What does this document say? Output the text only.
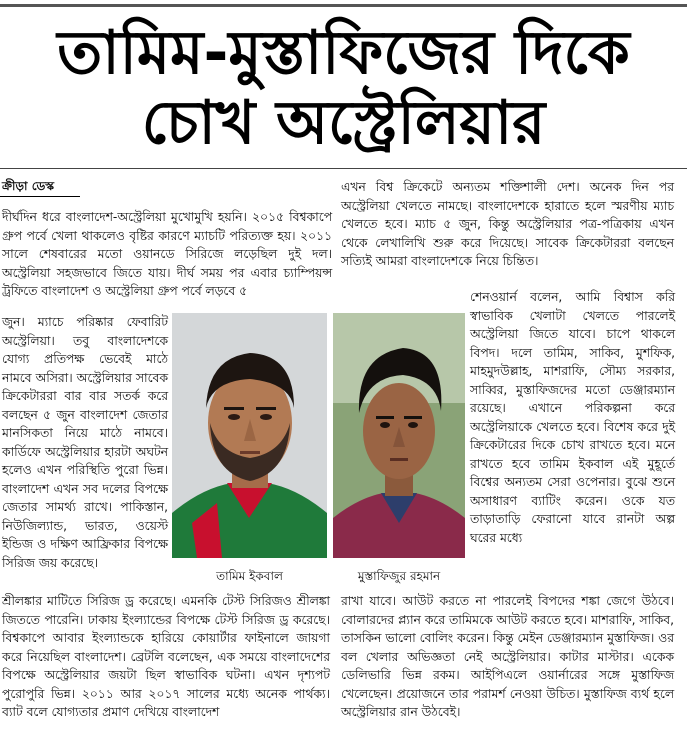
তামিম-মুস্তাফিজের দিকে
চোখ অস্ট্রেলিয়ার
ক্রীড়া ডেস্ক
দীর্ঘদিন ধরে বাংলাদেশ-অস্ট্রেলিয়া মুখোমুখি হয়নি। ২০১৫ বিশ্বকাপে গ্রুপ পর্বে খেলা থাকলেও বৃষ্টির কারণে ম্যাচটি পরিত্যক্ত হয়। ২০১১ সালে শেষবারের মতো ওয়ানডে সিরিজে লড়েছিল দুই দল। অস্ট্রেলিয়া সহজভাবে জিতে যায়। দীর্ঘ সময় পর এবার চ্যাম্পিয়ন্স ট্রফিতে বাংলাদেশ ও অস্ট্রেলিয়া গ্রুপ পর্বে লড়বে ৫
জুন। ম্যাচে পরিষ্কার ফেবারিট অস্ট্রেলিয়া। তবু বাংলাদেশকে যোগ্য প্রতিপক্ষ ভেবেই মাঠে নামবে অসিরা। অস্ট্রেলিয়ার সাবেক ক্রিকেটাররা বার বার সতর্ক করে বলছেন ৫ জুন বাংলাদেশ জেতার মানসিকতা নিয়ে মাঠে নামবে। কার্ডিফে অস্ট্রেলিয়ার হারটা অঘটন হলেও এখন পরিস্থিতি পুরো ভিন্ন। বাংলাদেশ এখন সব দলের বিপক্ষে জেতার সামর্থ্য রাখে। পাকিস্তান, নিউজিল্যান্ড, ভারত, ওয়েস্ট ইন্ডিজ ও দক্ষিণ আফ্রিকার বিপক্ষে সিরিজ জয় করেছে।
এখন বিশ্ব ক্রিকেটে অন্যতম শক্তিশালী দেশ। অনেক দিন পর অস্ট্রেলিয়া খেলতে নামছে। বাংলাদেশকে হারাতে হলে স্মরণীয় ম্যাচ খেলতে হবে। ম্যাচ ৫ জুন, কিন্তু অস্ট্রেলিয়ার পত্র-পত্রিকায় এখন থেকে লেখালিখি শুরু করে দিয়েছে। সাবেক ক্রিকেটাররা বলছেন সত্যিই আমরা বাংলাদেশকে নিয়ে চিন্তিত।
শেনওয়ার্ন বলেন, আমি বিশ্বাস করি স্বাভাবিক খেলাটা খেলতে পারলেই অস্ট্রেলিয়া জিতে যাবে। চাপে থাকলে বিপদ। দলে তামিম, সাকিব, মুশফিক, মাহমুদউল্লাহ, মাশরাফি, সৌম্য সরকার, সাব্বির, মুস্তাফিজদের মতো ডেঞ্জারম্যান রয়েছে। এখানে পরিকল্পনা করে অস্ট্রেলিয়াকে খেলতে হবে। বিশেষ করে দুই ক্রিকেটারের দিকে চোখ রাখতে হবে। মনে রাখতে হবে তামিম ইকবাল এই মুহূর্তে বিশ্বের অন্যতম সেরা ওপেনার। বুঝে শুনে অসাধারণ ব্যাটিং করেন। ওকে যত তাড়াতাড়ি ফেরানো যাবে রানটা অল্প ঘরের মধ্যে
তামিম ইকবাল	মুস্তাফিজুর রহমান
শ্রীলঙ্কার মাটিতে সিরিজ ড্র করেছে। এমনকি টেস্ট সিরিজও শ্রীলঙ্কা জিততে পারেনি। ঢাকায় ইংল্যান্ডের বিপক্ষে টেস্ট সিরিজ ড্র করেছে। বিশ্বকাপে আবার ইংল্যান্ডকে হারিয়ে কোয়ার্টার ফাইনালে জায়গা করে নিয়েছিল বাংলাদেশ। ব্রেটলি বলেছেন, এক সময়ে বাংলাদেশের বিপক্ষে অস্ট্রেলিয়ার জয়টা ছিল স্বাভাবিক ঘটনা। এখন দৃশ্যপট পুরোপুরি ভিন্ন। ২০১১ আর ২০১৭ সালের মধ্যে অনেক পার্থক্য। ব্যাট বলে যোগ্যতার প্রমাণ দেখিয়ে বাংলাদেশ
রাখা যাবে। আউট করতে না পারলেই বিপদের শঙ্কা জেগে উঠবে। বোলারদের প্ল্যান করে তামিমকে আউট করতে হবে। মাশরাফি, সাকিব, তাসকিন ভালো বোলিং করেন। কিন্তু মেইন ডেঞ্জারম্যান মুস্তাফিজ। ওর বল খেলার অভিজ্ঞতা নেই অস্ট্রেলিয়ার। কাটার মাস্টার। একেক ডেলিভারি ভিন্ন রকম। আইপিএলে ওয়ার্নারের সঙ্গে মুস্তাফিজ খেলেছেন। প্রয়োজনে তার পরামর্শ নেওয়া উচিত। মুস্তাফিজ ব্যর্থ হলে অস্ট্রেলিয়ার রান উঠবেই।
